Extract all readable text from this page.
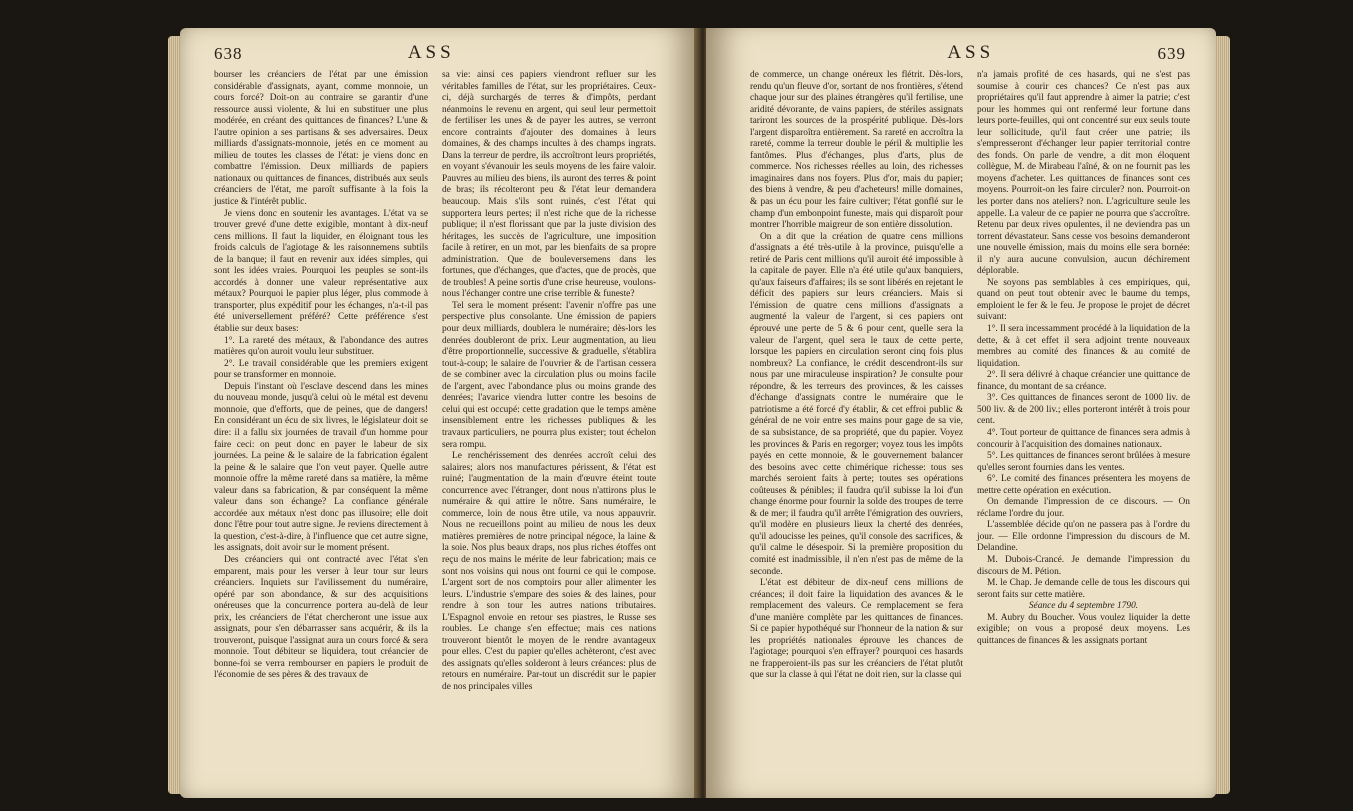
638	ASS

bourser les créanciers de l'état par une émission considérable d'assignats, ayant, comme monnoie, un cours forcé? Doit-on au contraire se garantir d'une ressource aussi violente, & lui en substituer une plus modérée, en créant des quittances de finances? L'une & l'autre opinion a ses partisans & ses adversaires. Deux milliards d'assignats-monnoie, jetés en ce moment au milieu de toutes les classes de l'état: je viens donc en combattre l'émission. Deux milliards de papiers nationaux ou quittances de finances, distribués aux seuls créanciers de l'état, me paroît suffisante à la fois la justice & l'intérêt public.

Je viens donc en soutenir les avantages. L'état va se trouver grevé d'une dette exigible, montant à dix-neuf cens millions. Il faut la liquider, en éloignant tous les froids calculs de l'agiotage & les raisonnemens subtils de la banque; il faut en revenir aux idées simples, qui sont les idées vraies. Pourquoi les peuples se sont-ils accordés à donner une valeur représentative aux métaux? Pourquoi le papier plus léger, plus commode à transporter, plus expéditif pour les échanges, n'a-t-il pas été universellement préféré? Cette préférence s'est établie sur deux bases:

1°. La rareté des métaux, & l'abondance des autres matières qu'on auroit voulu leur substituer.

2°. Le travail considérable que les premiers exigent pour se transformer en monnoie.

Depuis l'instant où l'esclave descend dans les mines du nouveau monde, jusqu'à celui où le métal est devenu monnoie, que d'efforts, que de peines, que de dangers! En considérant un écu de six livres, le législateur doit se dire: il a fallu six journées de travail d'un homme pour faire ceci: on peut donc en payer le labeur de six journées. La peine & le salaire de la fabrication égalent la peine & le salaire que l'on veut payer. Quelle autre monnoie offre la même rareté dans sa matière, la même valeur dans sa fabrication, & par conséquent la même valeur dans son échange? La confiance générale accordée aux métaux n'est donc pas illusoire; elle doit donc l'être pour tout autre signe. Je reviens directement à la question, c'est-à-dire, à l'influence que cet autre signe, les assignats, doit avoir sur le moment présent.

Des créanciers qui ont contracté avec l'état s'en emparent, mais pour les verser à leur tour sur leurs créanciers. Inquiets sur l'avilissement du numéraire, opéré par son abondance, & sur des acquisitions onéreuses que la concurrence portera au-delà de leur prix, les créanciers de l'état chercheront une issue aux assignats, pour s'en débarrasser sans acquérir, & ils la trouveront, puisque l'assignat aura un cours forcé & sera monnoie. Tout débiteur se liquidera, tout créancier de bonne-foi se verra rembourser en papiers le produit de l'économie de ses pères & des travaux de

sa vie: ainsi ces papiers viendront refluer sur les véritables familles de l'état, sur les propriétaires. Ceux-ci, déjà surchargés de terres & d'impôts, perdant néanmoins le revenu en argent, qui seul leur permettoit de fertiliser les unes & de payer les autres, se verront encore contraints d'ajouter des domaines à leurs domaines, & des champs incultes à des champs ingrats. Dans la terreur de perdre, ils accroîtront leurs propriétés, en voyant s'évanouir les seuls moyens de les faire valoir. Pauvres au milieu des biens, ils auront des terres & point de bras; ils récolteront peu & l'état leur demandera beaucoup. Mais s'ils sont ruinés, c'est l'état qui supportera leurs pertes; il n'est riche que de la richesse publique; il n'est florissant que par la juste division des héritages, les succès de l'agriculture, une imposition facile à retirer, en un mot, par les bienfaits de sa propre administration. Que de bouleversemens dans les fortunes, que d'échanges, que d'actes, que de procès, que de troubles! A peine sortis d'une crise heureuse, voulons-nous l'échanger contre une crise terrible & funeste?

Tel sera le moment présent: l'avenir n'offre pas une perspective plus consolante. Une émission de papiers pour deux milliards, doublera le numéraire; dès-lors les denrées doubleront de prix. Leur augmentation, au lieu d'être proportionnelle, successive & graduelle, s'établira tout-à-coup; le salaire de l'ouvrier & de l'artisan cessera de se combiner avec la circulation plus ou moins facile de l'argent, avec l'abondance plus ou moins grande des denrées; l'avarice viendra lutter contre les besoins de celui qui est occupé: cette gradation que le temps amène insensiblement entre les richesses publiques & les travaux particuliers, ne pourra plus exister; tout échelon sera rompu.

Le renchérissement des denrées accroît celui des salaires; alors nos manufactures périssent, & l'état est ruiné; l'augmentation de la main d'œuvre éteint toute concurrence avec l'étranger, dont nous n'attirons plus le numéraire & qui attire le nôtre. Sans numéraire, le commerce, loin de nous être utile, va nous appauvrir. Nous ne recueillons point au milieu de nous les deux matières premières de notre principal négoce, la laine & la soie. Nos plus beaux draps, nos plus riches étoffes ont reçu de nos mains le mérite de leur fabrication; mais ce sont nos voisins qui nous ont fourni ce qui le compose. L'argent sort de nos comptoirs pour aller alimenter les leurs. L'industrie s'empare des soies & des laines, pour rendre à son tour les autres nations tributaires. L'Espagnol envoie en retour ses piastres, le Russe ses roubles. Le change s'en effectue; mais ces nations trouveront bientôt le moyen de le rendre avantageux pour elles. C'est du papier qu'elles achèteront, c'est avec des assignats qu'elles solderont à leurs créances: plus de retours en numéraire. Par-tout un discrédit sur le papier de nos principales villes

ASS	639

de commerce, un change onéreux les flétrit. Dès-lors, rendu qu'un fleuve d'or, sortant de nos frontières, s'étend chaque jour sur des plaines étrangères qu'il fertilise, une aridité dévorante, de vains papiers, de stériles assignats tariront les sources de la prospérité publique. Dès-lors l'argent disparoîtra entièrement. Sa rareté en accroîtra la rareté, comme la terreur double le péril & multiplie les fantômes. Plus d'échanges, plus d'arts, plus de commerce. Nos richesses réelles au loin, des richesses imaginaires dans nos foyers. Plus d'or, mais du papier; des biens à vendre, & peu d'acheteurs! mille domaines, & pas un écu pour les faire cultiver; l'état gonflé sur le champ d'un embonpoint funeste, mais qui disparoît pour montrer l'horrible maigreur de son entière dissolution.

On a dit que la création de quatre cens millions d'assignats a été très-utile à la province, puisqu'elle a retiré de Paris cent millions qu'il auroit été impossible à la capitale de payer. Elle n'a été utile qu'aux banquiers, qu'aux faiseurs d'affaires; ils se sont libérés en rejetant le déficit des papiers sur leurs créanciers. Mais si l'émission de quatre cens millions d'assignats a augmenté la valeur de l'argent, si ces papiers ont éprouvé une perte de 5 & 6 pour cent, quelle sera la valeur de l'argent, quel sera le taux de cette perte, lorsque les papiers en circulation seront cinq fois plus nombreux? La confiance, le crédit descendront-ils sur nous par une miraculeuse inspiration? Je consulte pour répondre, & les terreurs des provinces, & les caisses d'échange d'assignats contre le numéraire que le patriotisme a été forcé d'y établir, & cet effroi public & général de ne voir entre ses mains pour gage de sa vie, de sa subsistance, de sa propriété, que du papier. Voyez les provinces & Paris en regorger; voyez tous les impôts payés en cette monnoie, & le gouvernement balancer des besoins avec cette chimérique richesse: tous ses marchés seroient faits à perte; toutes ses opérations coûteuses & pénibles; il faudra qu'il subisse la loi d'un change énorme pour fournir la solde des troupes de terre & de mer; il faudra qu'il arrête l'émigration des ouvriers, qu'il modère en plusieurs lieux la cherté des denrées, qu'il adoucisse les peines, qu'il console des sacrifices, & qu'il calme le désespoir. Si la première proposition du comité est inadmissible, il n'en n'est pas de même de la seconde.

L'état est débiteur de dix-neuf cens millions de créances; il doit faire la liquidation des avances & le remplacement des valeurs. Ce remplacement se fera d'une manière complète par les quittances de finances. Si ce papier hypothéqué sur l'honneur de la nation & sur les propriétés nationales éprouve les chances de l'agiotage; pourquoi s'en effrayer? pourquoi ces hasards ne frapperoient-ils pas sur les créanciers de l'état plutôt que sur la classe à qui l'état ne doit rien, sur la classe qui

n'a jamais profité de ces hasards, qui ne s'est pas soumise à courir ces chances? Ce n'est pas aux propriétaires qu'il faut apprendre à aimer la patrie; c'est pour les hommes qui ont renfermé leur fortune dans leurs porte-feuilles, qui ont concentré sur eux seuls toute leur sollicitude, qu'il faut créer une patrie; ils s'empresseront d'échanger leur papier territorial contre des fonds. On parle de vendre, a dit mon éloquent collègue, M. de Mirabeau l'aîné, & on ne fournit pas les moyens d'acheter. Les quittances de finances sont ces moyens. Pourroit-on les faire circuler? non. Pourroit-on les porter dans nos ateliers? non. L'agriculture seule les appelle. La valeur de ce papier ne pourra que s'accroître. Retenu par deux rives opulentes, il ne deviendra pas un torrent dévastateur. Sans cesse vos besoins demanderont une nouvelle émission, mais du moins elle sera bornée: il n'y aura aucune convulsion, aucun déchirement déplorable.

Ne soyons pas semblables à ces empiriques, qui, quand on peut tout obtenir avec le baume du temps, emploient le fer & le feu. Je propose le projet de décret suivant:

1°. Il sera incessamment procédé à la liquidation de la dette, & à cet effet il sera adjoint trente nouveaux membres au comité des finances & au comité de liquidation.

2°. Il sera délivré à chaque créancier une quittance de finance, du montant de sa créance.

3°. Ces quittances de finances seront de 1000 liv. de 500 liv. & de 200 liv.; elles porteront intérêt à trois pour cent.

4°. Tout porteur de quittance de finances sera admis à concourir à l'acquisition des domaines nationaux.

5°. Les quittances de finances seront brûlées à mesure qu'elles seront fournies dans les ventes.

6°. Le comité des finances présentera les moyens de mettre cette opération en exécution.

On demande l'impression de ce discours. — On réclame l'ordre du jour.

L'assemblée décide qu'on ne passera pas à l'ordre du jour. — Elle ordonne l'impression du discours de M. Delandine.

M. Dubois-Crancé. Je demande l'impression du discours de M. Pétion.

M. le Chap. Je demande celle de tous les discours qui seront faits sur cette matière.

Séance du 4 septembre 1790.

M. Aubry du Boucher. Vous voulez liquider la dette exigible; on vous a proposé deux moyens. Les quittances de finances & les assignats portant
